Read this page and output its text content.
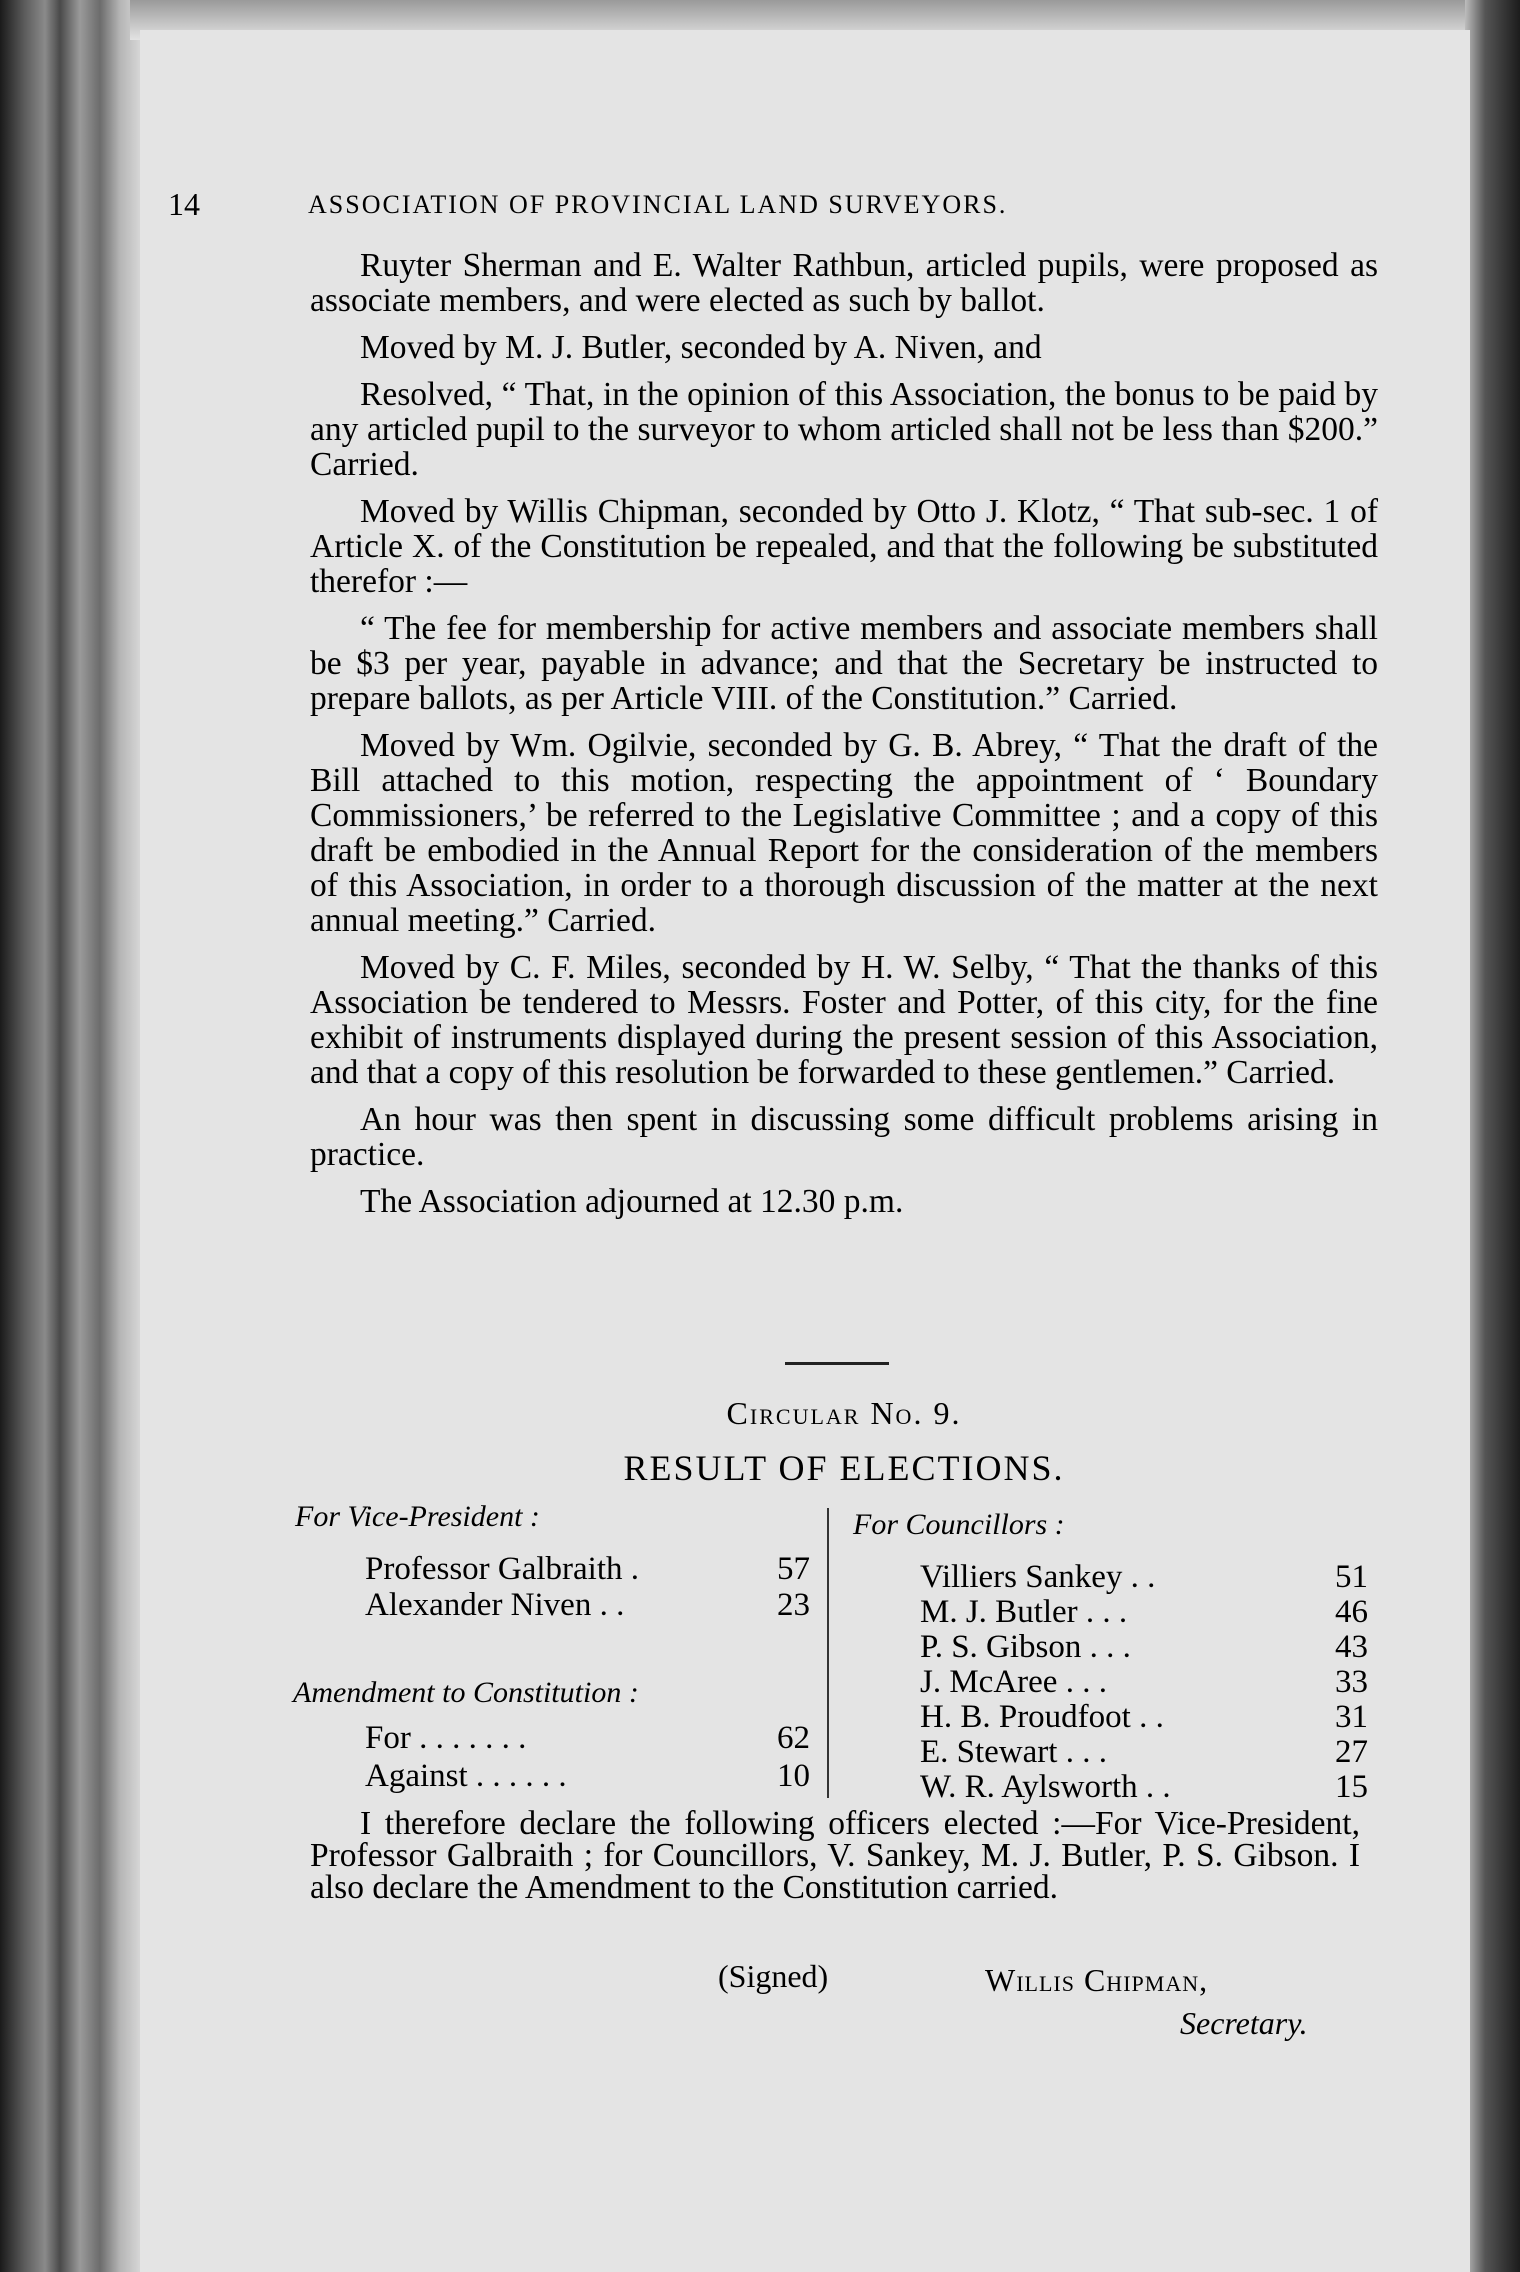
14	ASSOCIATION OF PROVINCIAL LAND SURVEYORS.

Ruyter Sherman and E. Walter Rathbun, articled pupils, were proposed as associate members, and were elected as such by ballot.

Moved by M. J. Butler, seconded by A. Niven, and

Resolved, “ That, in the opinion of this Association, the bonus to be paid by any articled pupil to the surveyor to whom articled shall not be less than $200.” Carried.

Moved by Willis Chipman, seconded by Otto J. Klotz, “ That sub-sec. 1 of Article X. of the Constitution be repealed, and that the following be substituted therefor :—

“ The fee for membership for active members and associate members shall be $3 per year, payable in advance; and that the Secretary be instructed to prepare ballots, as per Article VIII. of the Constitution.” Carried.

Moved by Wm. Ogilvie, seconded by G. B. Abrey, “ That the draft of the Bill attached to this motion, respecting the appointment of ‘ Boundary Commissioners,’ be referred to the Legislative Committee ; and a copy of this draft be embodied in the Annual Report for the consideration of the members of this Association, in order to a thorough discussion of the matter at the next annual meeting.” Carried.

Moved by C. F. Miles, seconded by H. W. Selby, “ That the thanks of this Association be tendered to Messrs. Foster and Potter, of this city, for the fine exhibit of instruments displayed during the present session of this Association, and that a copy of this resolution be forwarded to these gentlemen.” Carried.

An hour was then spent in discussing some difficult problems arising in practice.

The Association adjourned at 12.30 p.m.

Circular No. 9.
RESULT OF ELECTIONS.
For Vice-President :	For Councillors :
Professor Galbraith .	57
Alexander Niven . .	23
Amendment to Constitution :
For . . . . . . .	62
Against . . . . . .	10
Villiers Sankey . .	51
M. J. Butler . . .	46
P. S. Gibson . . .	43
J. McAree . . .	33
H. B. Proudfoot . .	31
E. Stewart . . .	27
W. R. Aylsworth . .	15

I therefore declare the following officers elected :—For Vice-President, Professor Galbraith ; for Councillors, V. Sankey, M. J. Butler, P. S. Gibson. I also declare the Amendment to the Constitution carried.

(Signed)	Willis Chipman,
Secretary.
